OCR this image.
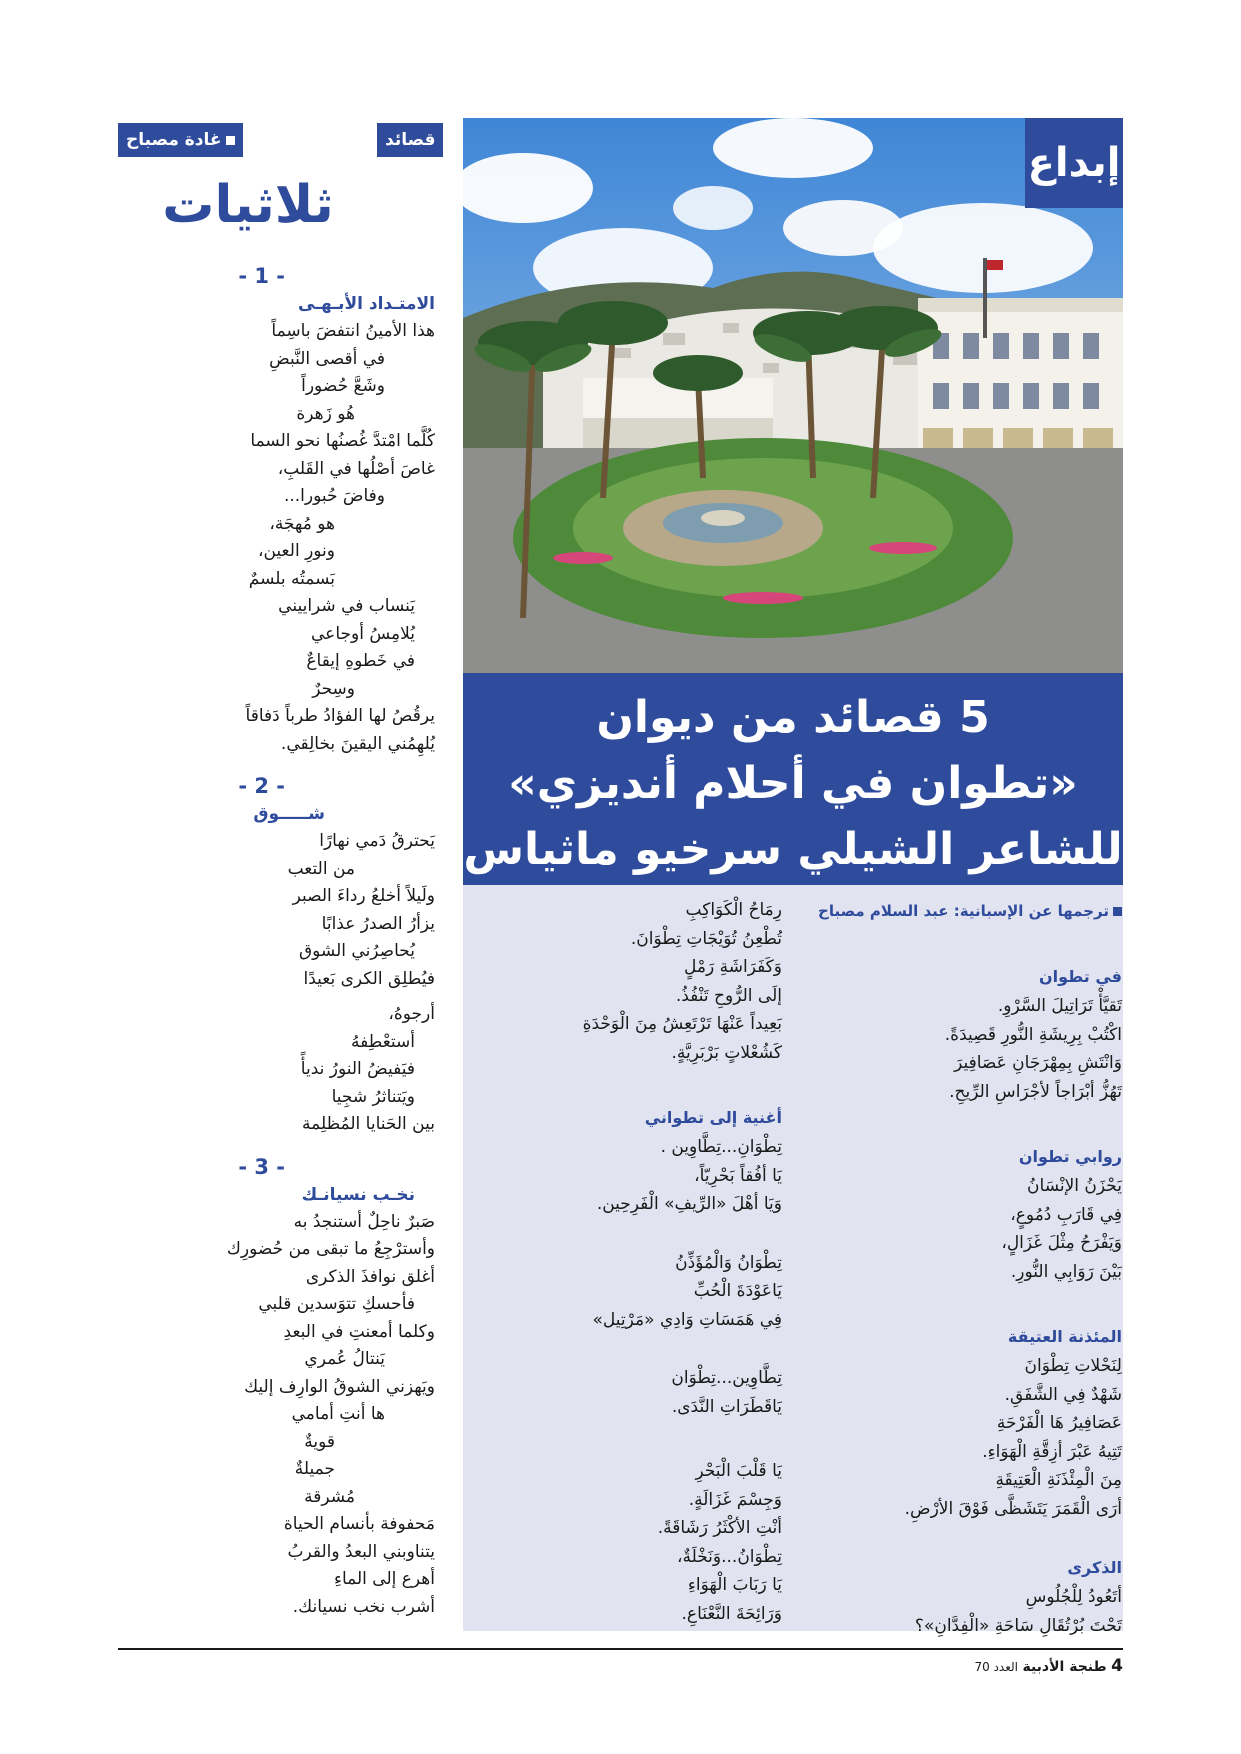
إبداع
5 قصائد من ديوان
«تطوان في أحلام أنديزي»
للشاعر الشيلي سرخيو ماثياس
ترجمها عن الإسبانية: عبد السلام مصباح
في تطوان
تَقيَّأْ تَرَاتِيلَ السَّرْوِ.
اكْتُبْ بِرِيشَةِ النُّورِ قَصِيدَةً.
وَانْتَشِ بِمِهْرَجَانِ عَصَافِيرَ
تَهُزُّ أبْرَاجاً لأجْرَاسِ الرِّيحِ.
روابي تطوان
يَحْزَنُ الإنْسَانُ
فِي قَارَبِ دُمُوعٍ،
وَيَفْرَحُ مِثْلَ غَزَالٍ،
بَيْنَ رَوَابِي النُّورِ.
المئذنة العتيقة
لِنَحْلاتِ تِطْوَانَ
شَهْدٌ فِي الشَّفَقِ.
عَصَافِيرُ هَا الْفَرْحَةِ
تَتِيهُ عَبْرَ أزِقَّةِ الْهَوَاءِ.
مِنَ الْمِئْذَنَةِ الْعَتِيقَةِ
أرَى الْقَمَرَ يَتَشَظَّى فَوْقَ الأرْضِ.
الذكرى
أتَعُودُ لِلْجُلُوسِ
تَحْتَ بُرْتُقَالِ سَاحَةِ «الْفِدَّانِ»؟
رِمَاحُ الْكَوَاكِبِ
تُطْعِنُ تُوَيْجَاتِ تِطْوَانَ.
وَكَفَرَاشَةِ رَمْلٍ
إلَى الرُّوحِ تَنْفُذُ.
بَعِيداً عَنْهَا تَرْتَعِشُ مِنَ الْوَحْدَةِ
كَشُعْلاتٍ بَرْبَرِيَّةٍ.
أغنية إلى تطواني
تِطْوَانِ...تِطَّاوِين .
يَا أفُقاً بَحْرِيّاً،
وَيَا أهْلَ «الرِّيفِ» الْفَرِحِين.
تِطْوَانُ وَالْمُؤَذِّنُ
يَاعَوْدَةَ الْحُبِّ
فِي هَمَسَاتِ وَادِي «مَرْتِيل»
تِطَّاوِين...تِطْوَان
يَاقَطَرَاتِ النَّدَى.
يَا قَلْبَ الْبَحْرِ
وَجِسْمَ غَزَالَةٍ.
أنْتِ الأكْثَرُ رَشَاقَةً.
تِطْوَانُ...وَنَخْلَةٌ،
يَا رَبَابَ الْهَوَاءِ
وَرَائِحَةَ النَّعْنَاعِ.
قصائد
غادة مصباح
ثلاثيات
- 1 -
الامتـداد الأبـهـى
هذا الأمينُ انتفضَ باسِماً
في أقصى النَّبضِ
وشَعَّ حُضوراً
هُو زَهرة
كُلَّما امْتدَّ غُصنُها نحو السما
غاصَ أصْلُها في القَلبِ،
وفاضَ حُبورا...
هو مُهجَة،
ونورِ العين،
بَسمتُه بلسمٌ
يَنساب في شراييني
يُلامِسُ أوجاعي
في خَطوهِ إيقاعٌ
وسِحرٌ
يرقُصُ لها الفؤادُ طرباً دَفاقاً
يُلهِمُني اليقينَ بخالِقي.
- 2 -
شـــــوق
يَحترقُ دَمي نهارًا
من التعب
ولَيلاً أخلعُ رداءَ الصبر
يزأرُ الصدرُ عذابًا
يُحاصِرُني الشوق
فيُطلِق الكرى بَعيدًا
أرجوهُ،
أستعْطِفهُ
فيَفيضُ النورُ نديأً
ويَتناثرُ شجِيا
بين الحَنايا المُظلِمة
- 3 -
نخـب نسيانـك
صَبرٌ ناحِلٌ أستنجدُ به
وأسترْجِعُ ما تبقى من حُضورِك
أغلق نوافذَ الذكرى
فأحسكِ تتوَسدين قلبي
وكلما أمعنتِ في البعدِ
يَنتالُ عُمري
ويَهزني الشوقُ الوارِف إليك
ها أنتِ أمامي
قويةٌ
جميلةٌ
مُشرقة
مَحفوفة بأنسام الحياة
يتناوبني البعدُ والقربُ
أهرع إلى الماءِ
أشرب نخب نسيانك.
4 طنجة الأدبية العدد 70
